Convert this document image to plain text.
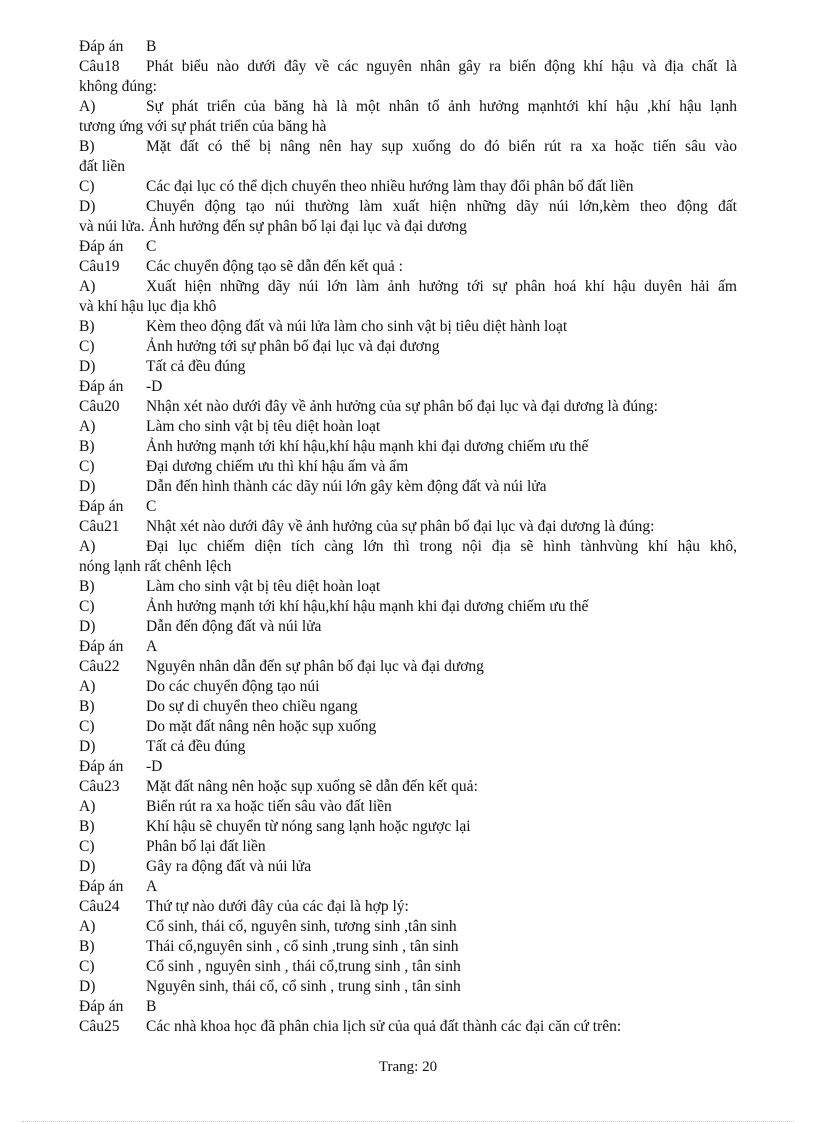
Đáp án	B
Câu18	Phát biểu nào dưới đây về các nguyên nhân gây ra biến động khí hậu và địa chất là
không đúng:
A)	Sự phát triển của băng hà là một nhân tố ảnh hưởng mạnhtới khí hậu ,khí hậu lạnh
tương ứng với sự phát triển của băng hà
B)	Mặt đất có thể bị nâng nên hay sụp xuống do đó biển rút ra xa hoặc tiến sâu vào
đất liền
C)	Các đại lục có thể dịch chuyển theo nhiều hướng làm thay đổi phân bố đất liền
D)	Chuyển động tạo núi thường làm xuất hiện những dãy núi lớn,kèm theo động đất
và núi lửa. Ảnh hưởng đến sự phân bố lại đại lục và đại dương
Đáp án	C
Câu19	Các chuyển động tạo sẽ dẫn đến kết quả :
A)	Xuất hiện những dãy núi lớn làm ảnh hưởng tới sự phân hoá khí hậu duyên hải ấm
và khí hậu lục địa khô
B)	Kèm theo động đất và núi lửa làm cho sinh vật bị tiêu diệt hành loạt
C)	Ảnh hưởng tới sự phân bố đại lục và đại đương
D)	Tất cả đều đúng
Đáp án	-D
Câu20	Nhận xét nào dưới đây về ảnh hưởng của sự phân bố đại lục và đại dương là đúng:
A)	Làm cho sinh vật bị têu diệt hoàn loạt
B)	Ảnh hưởng mạnh tới khí hậu,khí hậu mạnh khi đại dương chiếm ưu thế
C)	Đại dương chiếm ưu thì khí hậu ấm và ẩm
D)	Dẫn đến hình thành các dãy núi lớn gây kèm động đất và núi lửa
Đáp án	C
Câu21	Nhật xét nào dưới đây về ảnh hưởng của sự phân bố đại lục và đại dương là đúng:
A)	Đại lục chiếm diện tích càng lớn thì trong nội địa sẽ hình tànhvùng khí hậu khô,
nóng lạnh rất chênh lệch
B)	Làm cho sinh vật bị têu diệt hoàn loạt
C)	Ảnh hưởng mạnh tới khí hậu,khí hậu mạnh khi đại dương chiếm ưu thế
D)	Dẫn đến động đất và núi lửa
Đáp án	A
Câu22	Nguyên nhân dẫn đến sự phân bố đại lục và đại dương
A)	Do các chuyển động tạo núi
B)	Do sự di chuyển theo chiều ngang
C)	Do mặt đất nâng nên hoặc sụp xuống
D)	Tất cả đều đúng
Đáp án	-D
Câu23	Mặt đất nâng nên hoặc sụp xuống sẽ dẫn đến kết quả:
A)	Biển rút ra xa hoặc tiến sâu vào đất liền
B)	Khí hậu sẽ chuyển từ nóng sang lạnh hoặc ngược lại
C)	Phân bố lại đất liền
D)	Gây ra động đất và núi lửa
Đáp án	A
Câu24	Thứ tự nào dưới đây của các đại là hợp lý:
A)	Cổ sinh, thái cổ, nguyên sinh, tương sinh ,tân sinh
B)	Thái cổ,nguyên sinh , cổ sinh ,trung sinh , tân sinh
C)	Cổ sinh , nguyên sinh , thái cổ,trung sinh , tân sinh
D)	Nguyên sinh, thái cổ, cổ sinh , trung sinh , tân sinh
Đáp án	B
Câu25	Các nhà khoa học đã phân chia lịch sử của quả đất thành các đại căn cứ trên:
Trang: 20
